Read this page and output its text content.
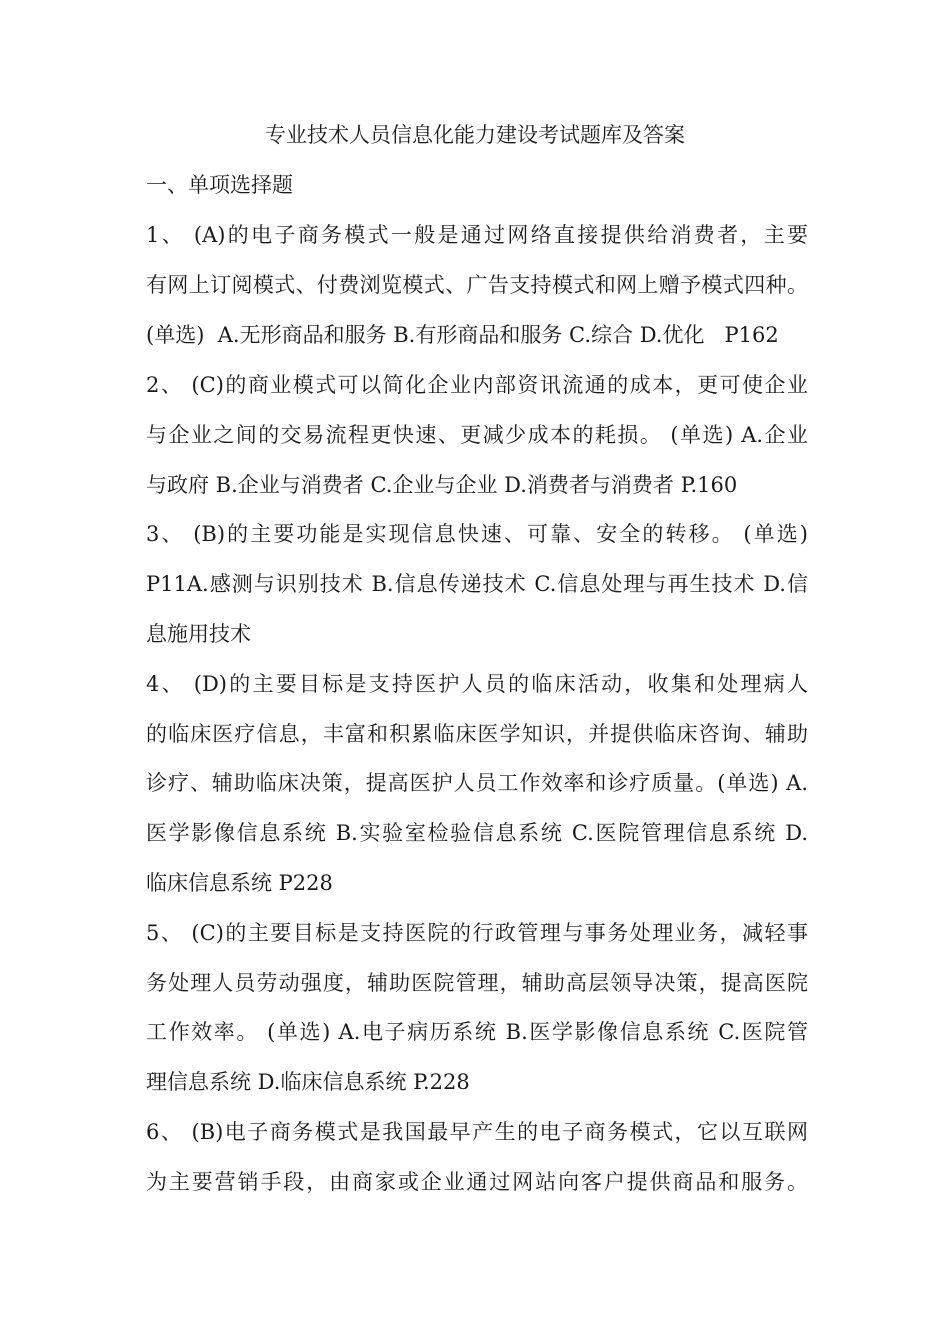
专业技术人员信息化能力建设考试题库及答案
一、单项选择题
1、 (A)的电子商务模式一般是通过网络直接提供给消费者，主要
有网上订阅模式、付费浏览模式、广告支持模式和网上赠予模式四种。
(单选)  A.无形商品和服务 B.有形商品和服务 C.综合 D.优化   P162
2、 (C)的商业模式可以简化企业内部资讯流通的成本，更可使企业
与企业之间的交易流程更快速、更减少成本的耗损。 (单选) A.企业
与政府 B.企业与消费者 C.企业与企业 D.消费者与消费者 P.160
3、 (B)的主要功能是实现信息快速、可靠、安全的转移。 (单选)
P11A.感测与识别技术 B.信息传递技术 C.信息处理与再生技术 D.信
息施用技术
4、 (D)的主要目标是支持医护人员的临床活动，收集和处理病人
的临床医疗信息，丰富和积累临床医学知识，并提供临床咨询、辅助
诊疗、辅助临床决策，提高医护人员工作效率和诊疗质量。(单选) A.
医学影像信息系统 B.实验室检验信息系统 C.医院管理信息系统 D.
临床信息系统 P228
5、 (C)的主要目标是支持医院的行政管理与事务处理业务，减轻事
务处理人员劳动强度，辅助医院管理，辅助高层领导决策，提高医院
工作效率。 (单选) A.电子病历系统 B.医学影像信息系统 C.医院管
理信息系统 D.临床信息系统 P.228
6、 (B)电子商务模式是我国最早产生的电子商务模式，它以互联网
为主要营销手段，由商家或企业通过网站向客户提供商品和服务。
